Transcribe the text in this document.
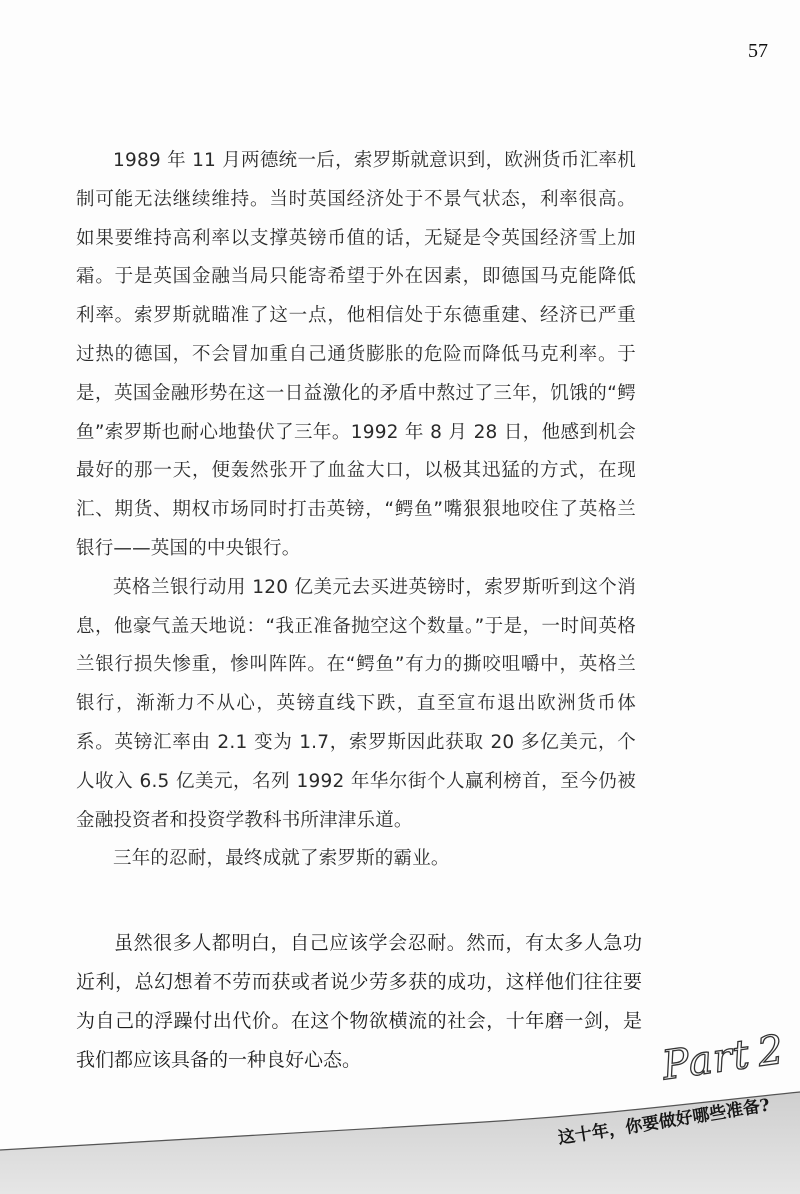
57

1989 年 11 月两德统一后，索罗斯就意识到，欧洲货币汇率机制可能无法继续维持。当时英国经济处于不景气状态，利率很高。如果要维持高利率以支撑英镑币值的话，无疑是令英国经济雪上加霜。于是英国金融当局只能寄希望于外在因素，即德国马克能降低利率。索罗斯就瞄准了这一点，他相信处于东德重建、经济已严重过热的德国，不会冒加重自己通货膨胀的危险而降低马克利率。于是，英国金融形势在这一日益激化的矛盾中熬过了三年，饥饿的“鳄鱼”索罗斯也耐心地蛰伏了三年。1992 年 8 月 28 日，他感到机会最好的那一天，便轰然张开了血盆大口，以极其迅猛的方式，在现汇、期货、期权市场同时打击英镑，“鳄鱼”嘴狠狠地咬住了英格兰银行——英国的中央银行。

英格兰银行动用 120 亿美元去买进英镑时，索罗斯听到这个消息，他豪气盖天地说：“我正准备抛空这个数量。”于是，一时间英格兰银行损失惨重，惨叫阵阵。在“鳄鱼”有力的撕咬咀嚼中，英格兰银行，渐渐力不从心，英镑直线下跌，直至宣布退出欧洲货币体系。英镑汇率由 2.1 变为 1.7，索罗斯因此获取 20 多亿美元，个人收入 6.5 亿美元，名列 1992 年华尔街个人赢利榜首，至今仍被金融投资者和投资学教科书所津津乐道。

三年的忍耐，最终成就了索罗斯的霸业。

虽然很多人都明白，自己应该学会忍耐。然而，有太多人急功近利，总幻想着不劳而获或者说少劳多获的成功，这样他们往往要为自己的浮躁付出代价。在这个物欲横流的社会，十年磨一剑，是我们都应该具备的一种良好心态。	Part2
这十年，你要做好哪些准备?
